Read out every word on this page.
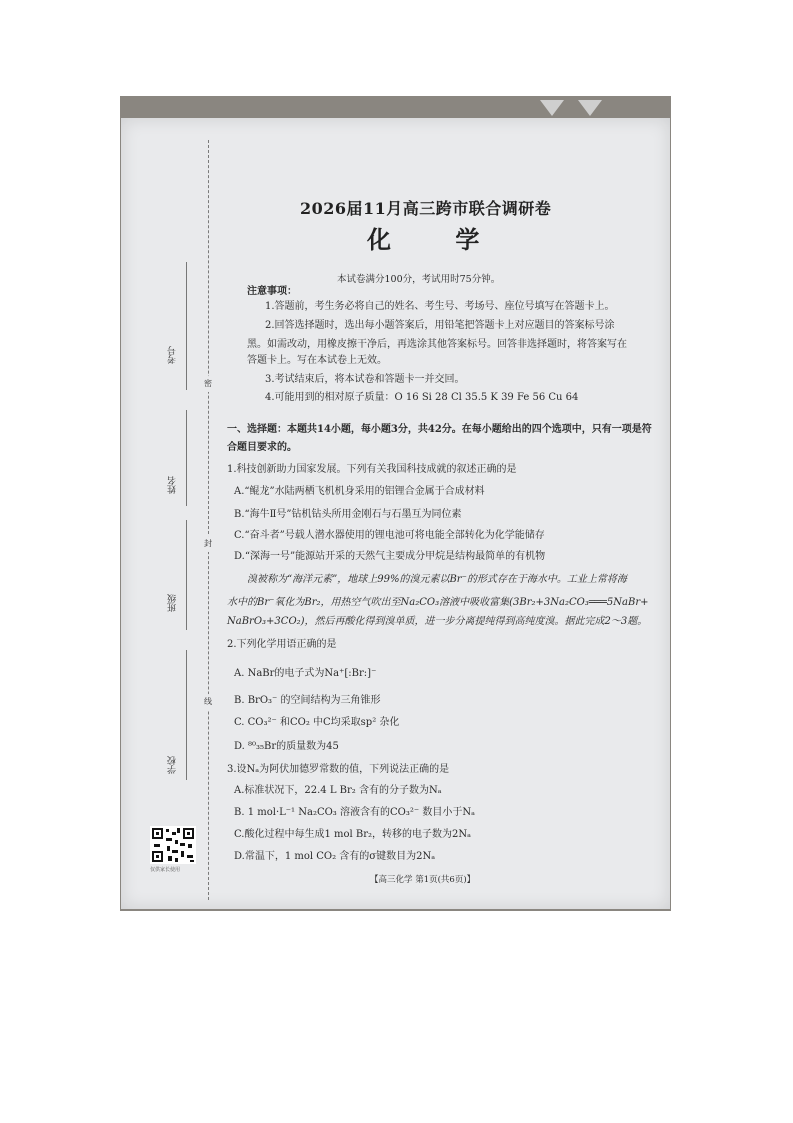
考号
姓名
班级
学校
密
封
线
仅供家长使用
2026届11月高三跨市联合调研卷
化 学
本试卷满分100分，考试用时75分钟。
注意事项：
1.答题前，考生务必将自己的姓名、考生号、考场号、座位号填写在答题卡上。
2.回答选择题时，选出每小题答案后，用铅笔把答题卡上对应题目的答案标号涂
黑。如需改动，用橡皮擦干净后，再选涂其他答案标号。回答非选择题时，将答案写在
答题卡上。写在本试卷上无效。
3.考试结束后，将本试卷和答题卡一并交回。
4.可能用到的相对原子质量：O 16 Si 28 Cl 35.5 K 39 Fe 56 Cu 64
一、选择题：本题共14小题，每小题3分，共42分。在每小题给出的四个选项中，只有一项是符
合题目要求的。
1.科技创新助力国家发展。下列有关我国科技成就的叙述正确的是
A.“鲲龙”水陆两栖飞机机身采用的铝锂合金属于合成材料
B.“海牛Ⅱ号”钻机钻头所用金刚石与石墨互为同位素
C.“奋斗者”号载人潜水器使用的锂电池可将电能全部转化为化学能储存
D.“深海一号”能源站开采的天然气主要成分甲烷是结构最简单的有机物
溴被称为“海洋元素”，地球上99%的溴元素以Br⁻的形式存在于海水中。工业上常将海
水中的Br⁻氧化为Br₂，用热空气吹出至Na₂CO₃溶液中吸收富集(3Br₂+3Na₂CO₃═══5NaBr+
NaBrO₃+3CO₂)，然后再酸化得到溴单质，进一步分离提纯得到高纯度溴。据此完成2～3题。
2.下列化学用语正确的是
A. NaBr的电子式为Na⁺[:Br:]⁻
B. BrO₃⁻ 的空间结构为三角锥形
C. CO₃²⁻ 和CO₂ 中C均采取sp² 杂化
D. ⁸⁰₃₅Br的质量数为45
3.设Nₐ为阿伏加德罗常数的值，下列说法正确的是
A.标准状况下，22.4 L Br₂ 含有的分子数为Nₐ
B. 1 mol·L⁻¹ Na₂CO₃ 溶液含有的CO₃²⁻ 数目小于Nₐ
C.酸化过程中每生成1 mol Br₂，转移的电子数为2Nₐ
D.常温下，1 mol CO₂ 含有的σ键数目为2Nₐ
【高三化学 第1页(共6页)】
